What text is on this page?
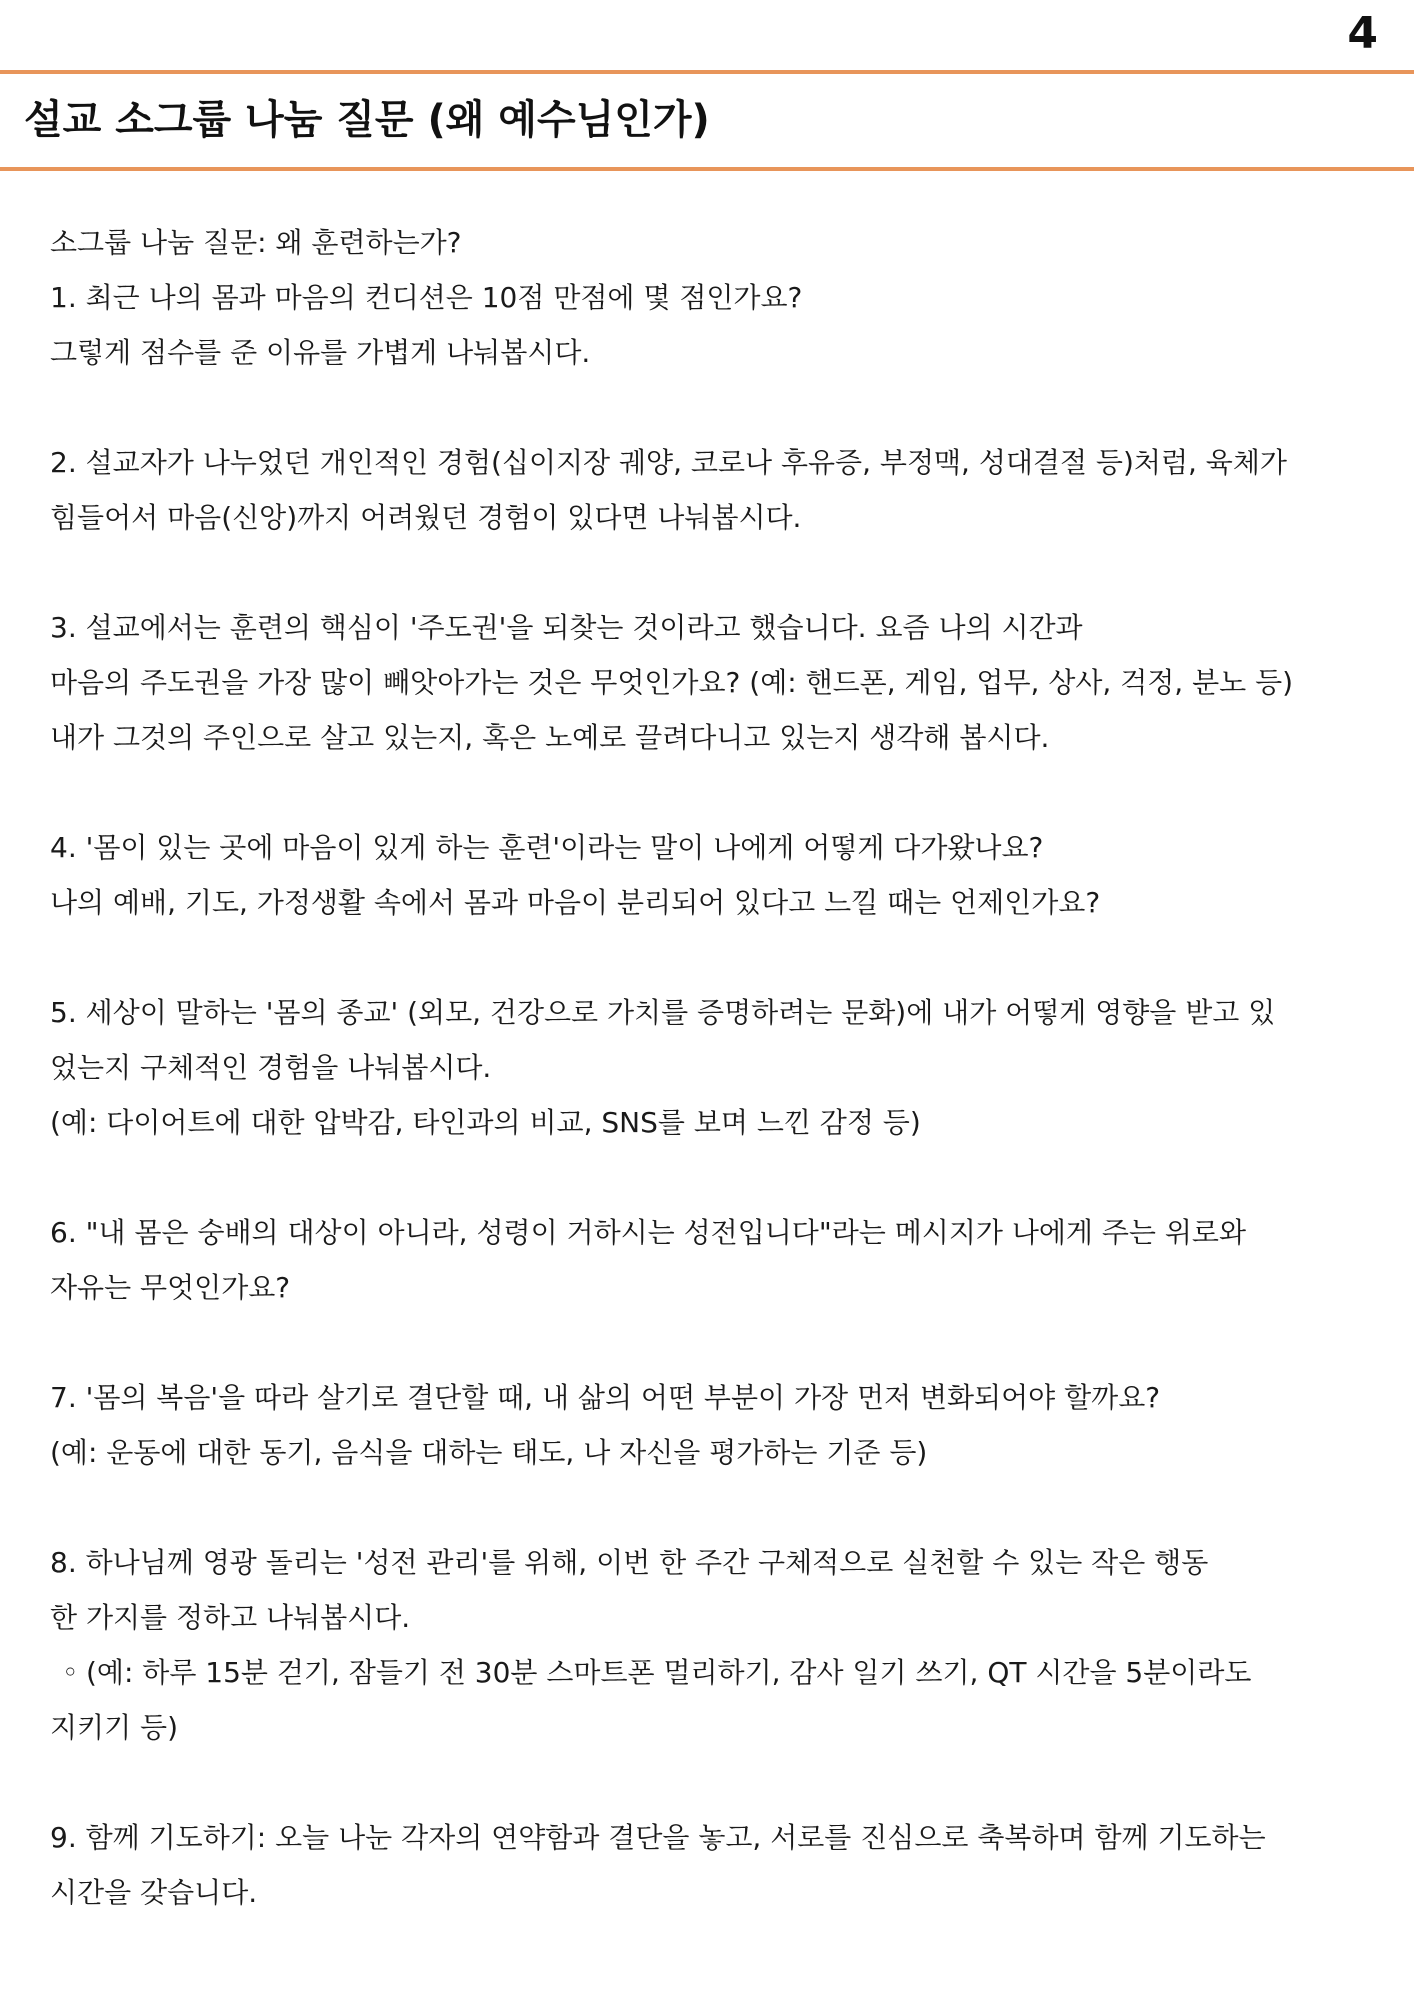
4
설교 소그룹 나눔 질문 (왜 예수님인가)
소그룹 나눔 질문: 왜 훈련하는가?
1. 최근 나의 몸과 마음의 컨디션은 10점 만점에 몇 점인가요?
그렇게 점수를 준 이유를 가볍게 나눠봅시다.
2. 설교자가 나누었던 개인적인 경험(십이지장 궤양, 코로나 후유증, 부정맥, 성대결절 등)처럼, 육체가
힘들어서 마음(신앙)까지 어려웠던 경험이 있다면 나눠봅시다.
3. 설교에서는 훈련의 핵심이 '주도권'을 되찾는 것이라고 했습니다. 요즘 나의 시간과
마음의 주도권을 가장 많이 빼앗아가는 것은 무엇인가요? (예: 핸드폰, 게임, 업무, 상사, 걱정, 분노 등)
내가 그것의 주인으로 살고 있는지, 혹은 노예로 끌려다니고 있는지 생각해 봅시다.
4. '몸이 있는 곳에 마음이 있게 하는 훈련'이라는 말이 나에게 어떻게 다가왔나요?
나의 예배, 기도, 가정생활 속에서 몸과 마음이 분리되어 있다고 느낄 때는 언제인가요?
5. 세상이 말하는 '몸의 종교' (외모, 건강으로 가치를 증명하려는 문화)에 내가 어떻게 영향을 받고 있
었는지 구체적인 경험을 나눠봅시다.
(예: 다이어트에 대한 압박감, 타인과의 비교, SNS를 보며 느낀 감정 등)
6. "내 몸은 숭배의 대상이 아니라, 성령이 거하시는 성전입니다"라는 메시지가 나에게 주는 위로와
자유는 무엇인가요?
7. '몸의 복음'을 따라 살기로 결단할 때, 내 삶의 어떤 부분이 가장 먼저 변화되어야 할까요?
(예: 운동에 대한 동기, 음식을 대하는 태도, 나 자신을 평가하는 기준 등)
8. 하나님께 영광 돌리는 '성전 관리'를 위해, 이번 한 주간 구체적으로 실천할 수 있는 작은 행동
한 가지를 정하고 나눠봅시다.
◦ (예: 하루 15분 걷기, 잠들기 전 30분 스마트폰 멀리하기, 감사 일기 쓰기, QT 시간을 5분이라도
지키기 등)
9. 함께 기도하기: 오늘 나눈 각자의 연약함과 결단을 놓고, 서로를 진심으로 축복하며 함께 기도하는
시간을 갖습니다.
